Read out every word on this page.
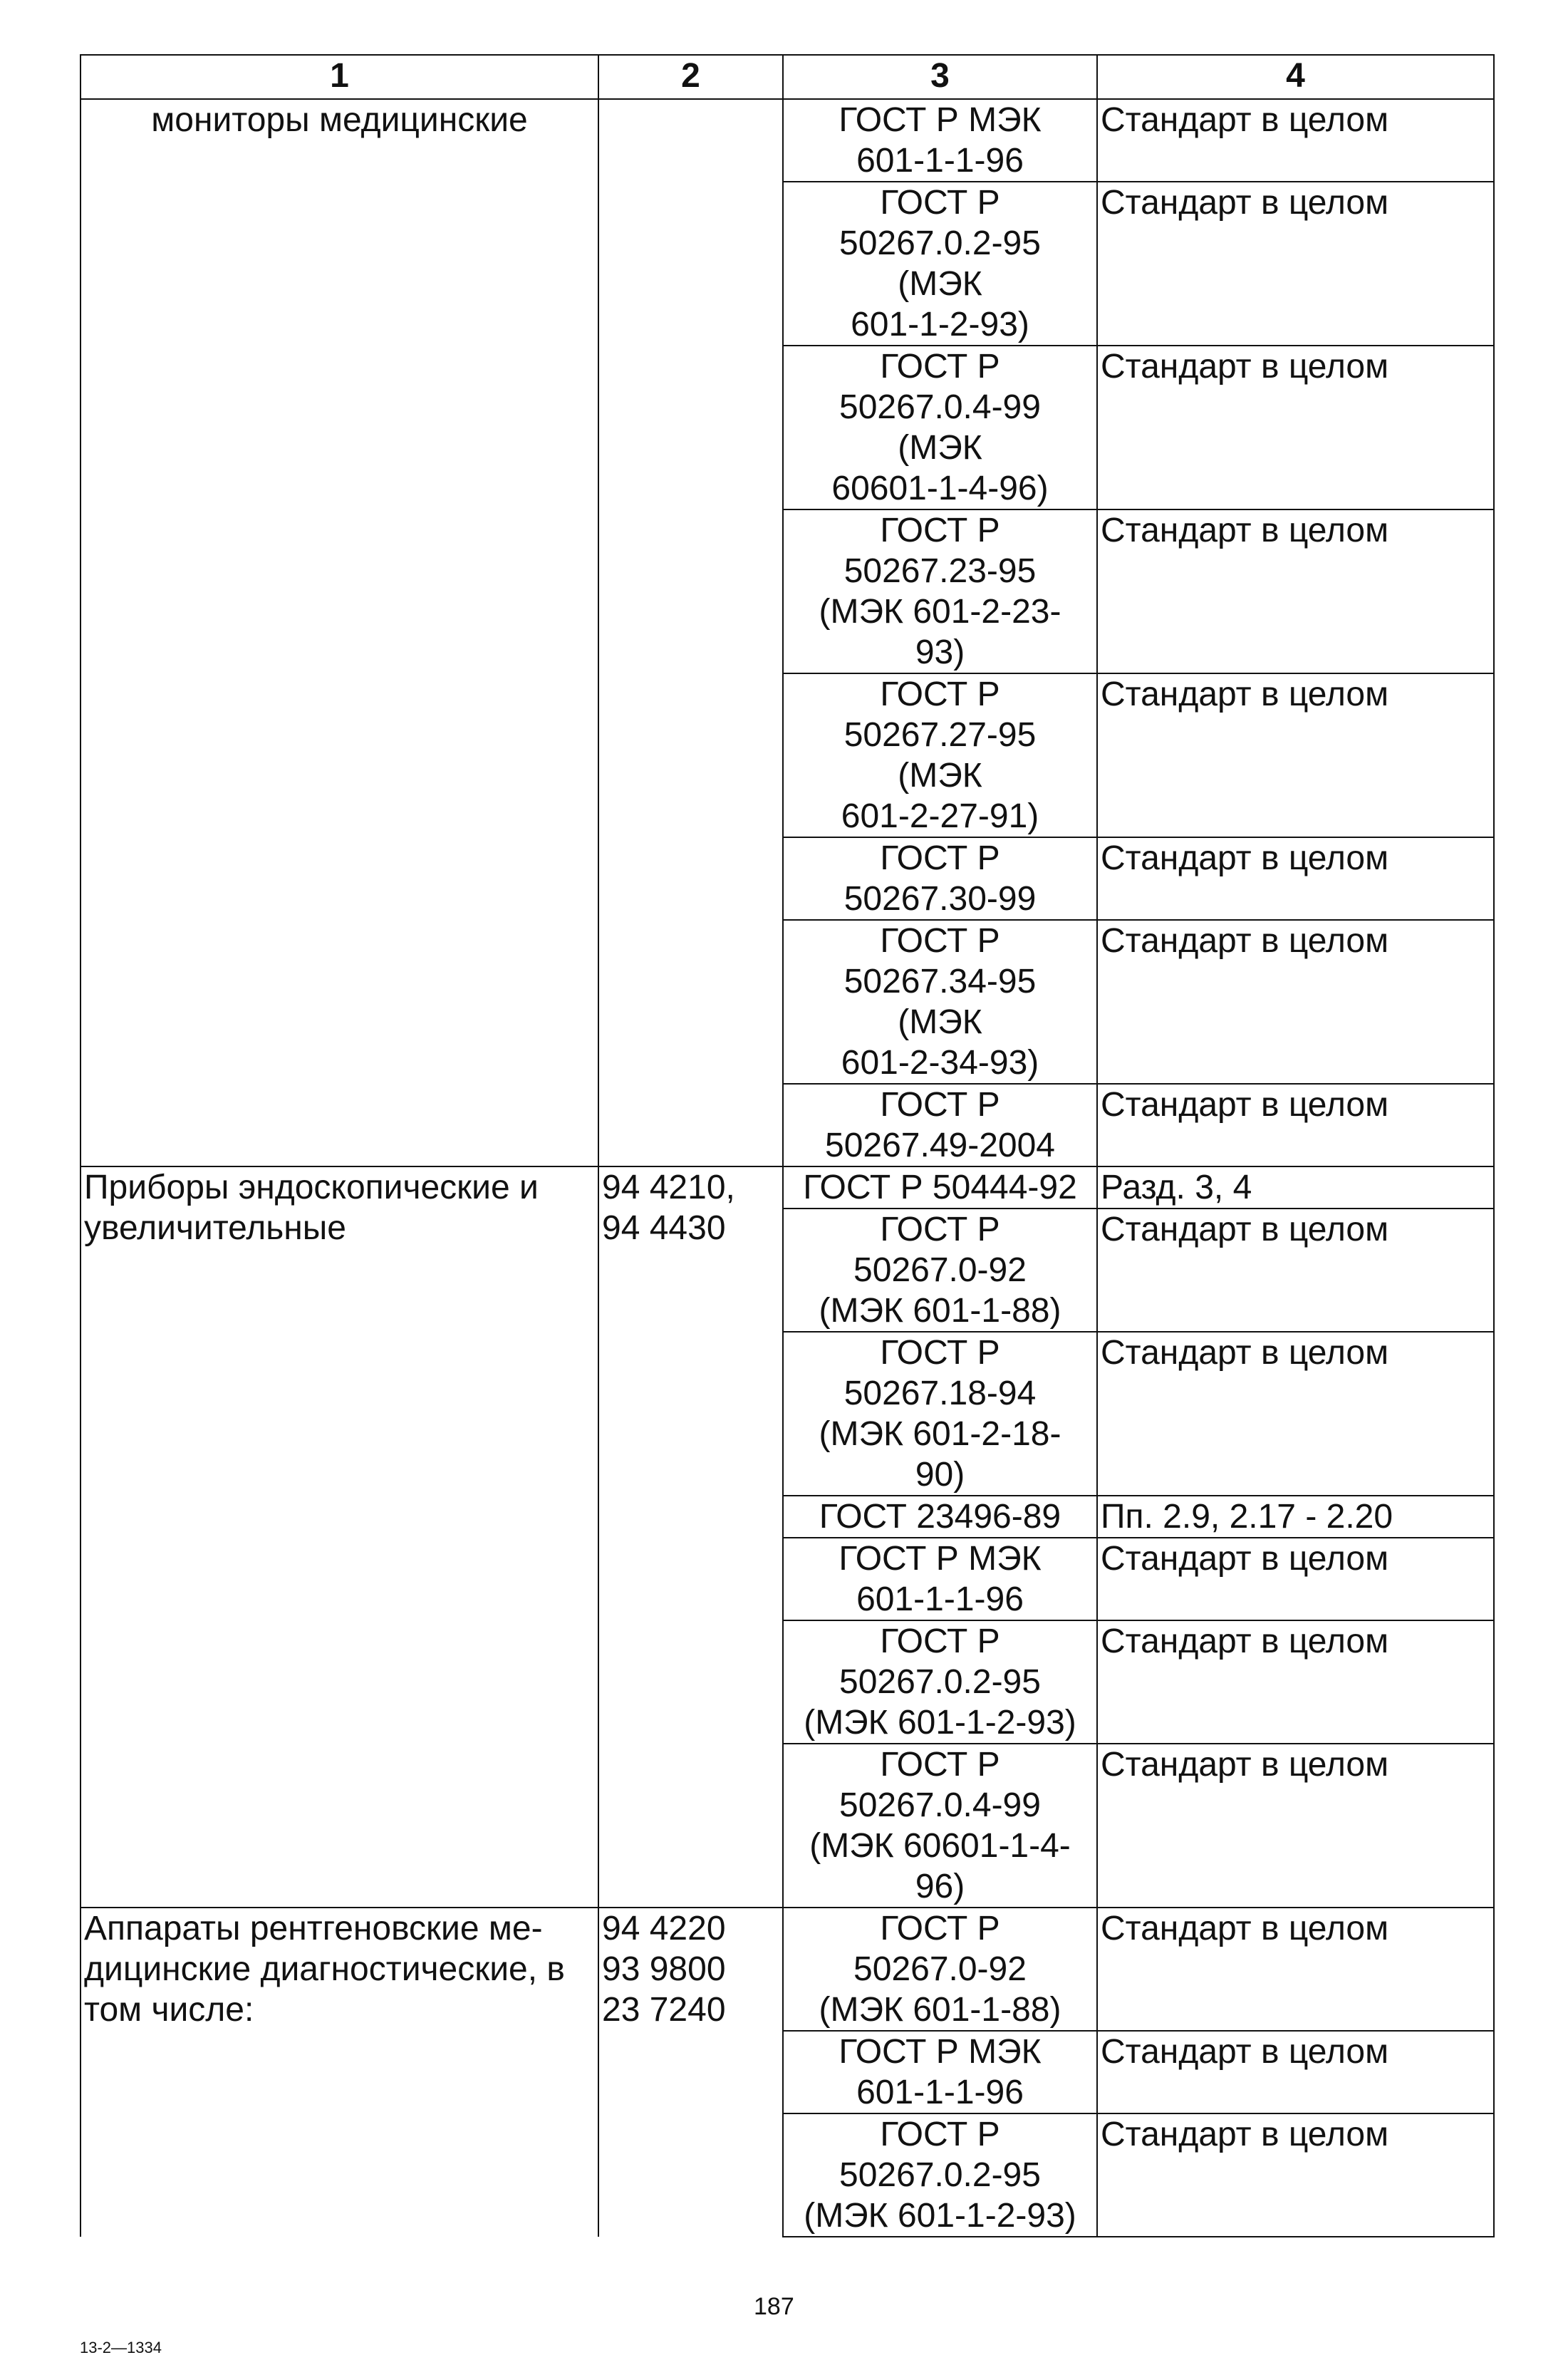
1	2	3	4
мониторы медицинские		ГОСТ Р МЭК
601-1-1-96	Стандарт в целом
		ГОСТ Р
50267.0.2-95
(МЭК
601-1-2-93)	Стандарт в целом
		ГОСТ Р
50267.0.4-99
(МЭК
60601-1-4-96)	Стандарт в целом
		ГОСТ Р
50267.23-95
(МЭК 601-2-23-
93)	Стандарт в целом
		ГОСТ Р
50267.27-95
(МЭК
601-2-27-91)	Стандарт в целом
		ГОСТ Р
50267.30-99	Стандарт в целом
		ГОСТ Р
50267.34-95
(МЭК
601-2-34-93)	Стандарт в целом
		ГОСТ Р
50267.49-2004	Стандарт в целом
Приборы эндоскопические и увеличительные	94 4210,
94 4430	ГОСТ Р 50444-92	Разд. 3, 4
		ГОСТ Р
50267.0-92
(МЭК 601-1-88)	Стандарт в целом
		ГОСТ Р
50267.18-94
(МЭК 601-2-18-
90)	Стандарт в целом
		ГОСТ 23496-89	Пп. 2.9, 2.17 - 2.20
		ГОСТ Р МЭК
601-1-1-96	Стандарт в целом
		ГОСТ Р
50267.0.2-95
(МЭК 601-1-2-93)	Стандарт в целом
		ГОСТ Р
50267.0.4-99
(МЭК 60601-1-4-
96)	Стандарт в целом
Аппараты рентгеновские ме-
дицинские диагностические, в
том числе:	94 4220
93 9800
23 7240	ГОСТ Р
50267.0-92
(МЭК 601-1-88)	Стандарт в целом
		ГОСТ Р МЭК
601-1-1-96	Стандарт в целом
		ГОСТ Р
50267.0.2-95
(МЭК 601-1-2-93)	Стандарт в целом
187
13-2—1334
